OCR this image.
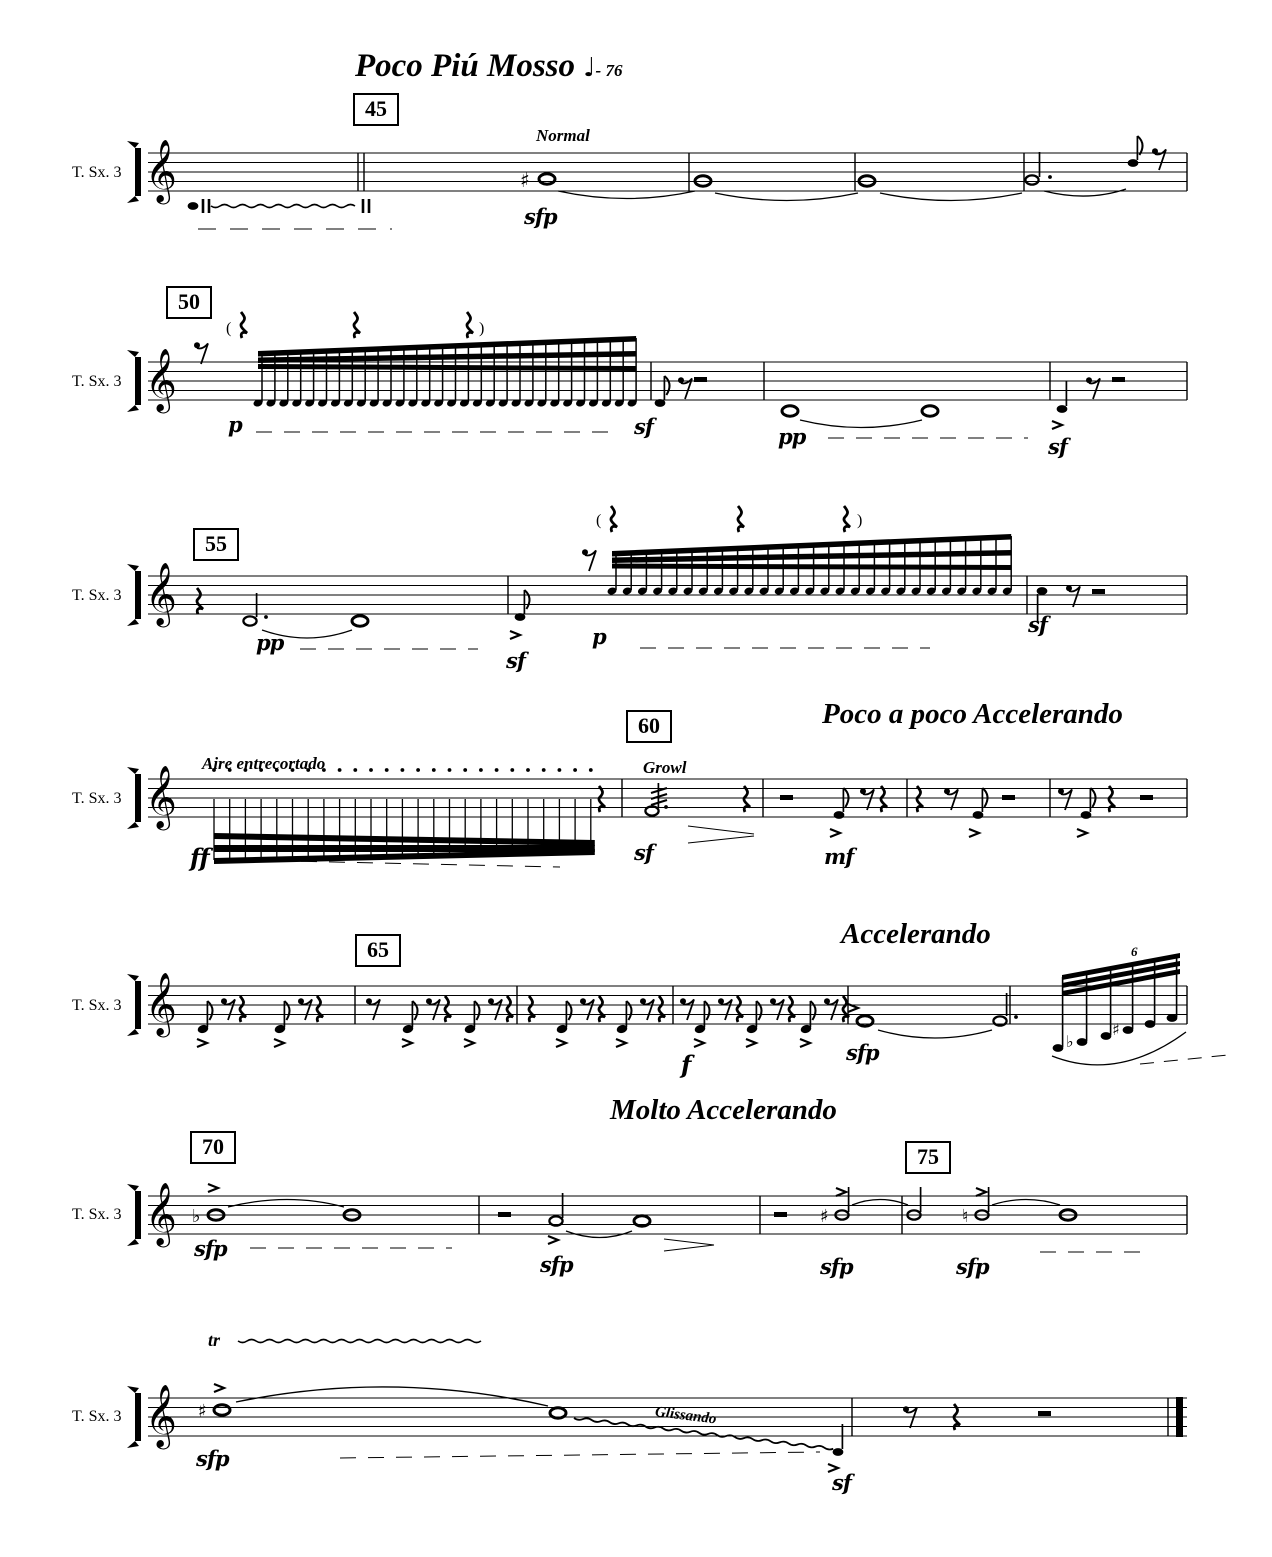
♯
(	)
(	)
♭
♯
♭	♯	♮
♯
𝄞
𝄞
𝄞
𝄞
𝄞
𝄞
𝄞
Poco Piú Mosso ♩- 76
45
Normal
sfp
T. Sx. 3
50
T. Sx. 3
p	sf	pp	sf
55
T. Sx. 3
pp
sf
p	sf
Poco a poco Accelerando
60
Aire entrecortado	Growl
T. Sx. 3
ff	sf	mf
Accelerando
65
T. Sx. 3
f	sfp
6
Molto Accelerando
70	75
T. Sx. 3
sfp
sfp	sfp	sfp
tr
T. Sx. 3
sfp
Glissando
sf
